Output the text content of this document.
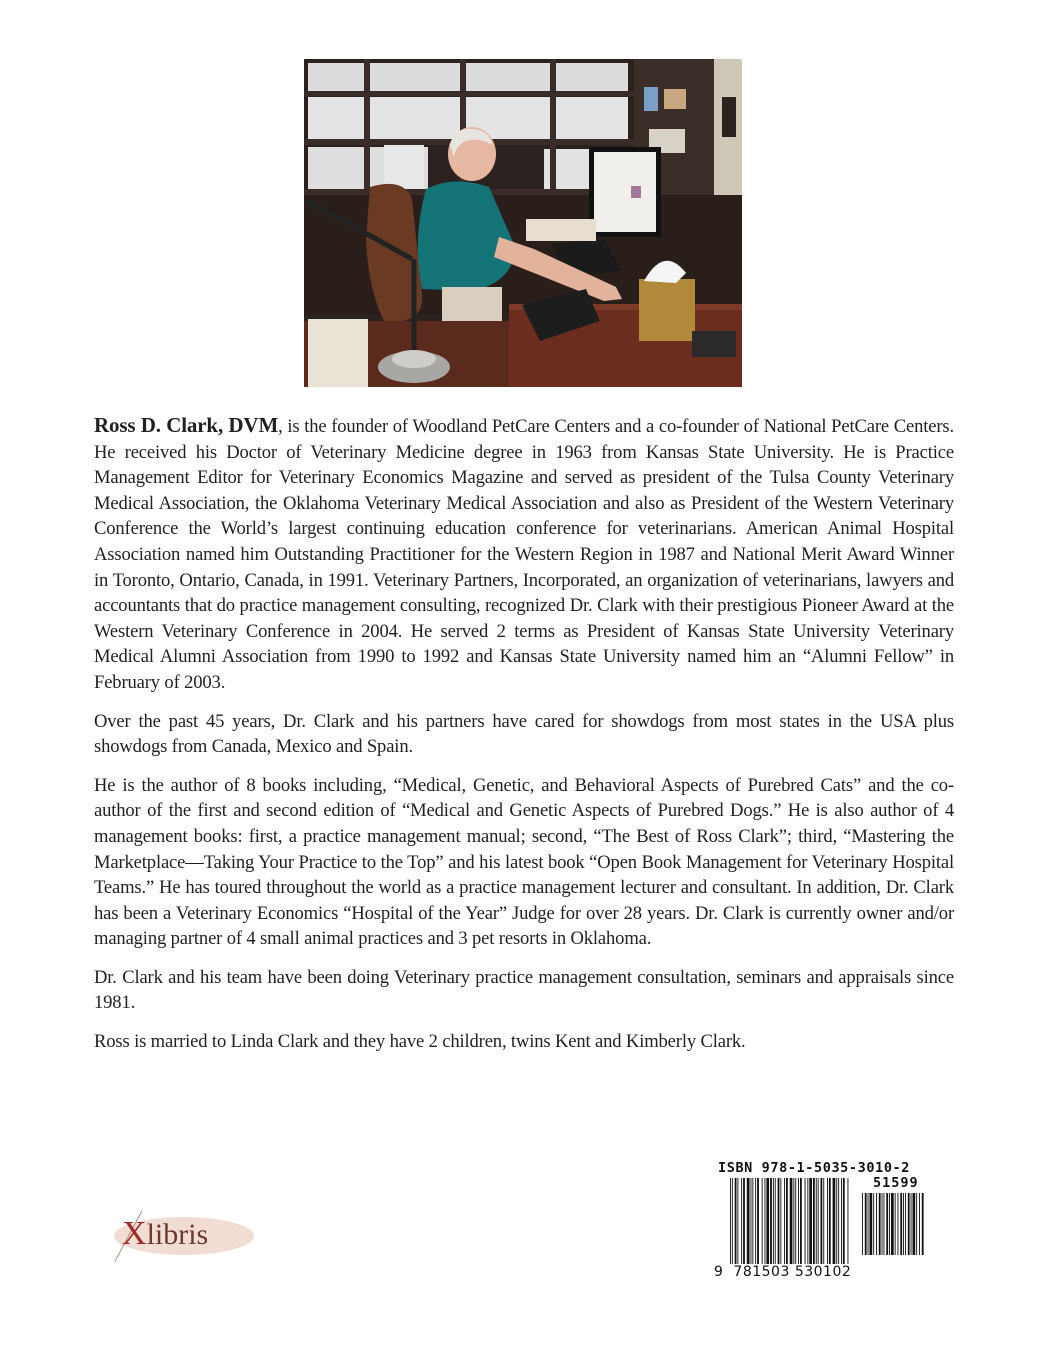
Ross D. Clark, DVM, is the founder of Woodland PetCare Centers and a co-founder of National PetCare Centers. He received his Doctor of Veterinary Medicine degree in 1963 from Kansas State University. He is Practice Management Editor for Veterinary Economics Magazine and served as president of the Tulsa County Veterinary Medical Association, the Oklahoma Veterinary Medical Association and also as President of the Western Veterinary Conference the World’s largest continuing education conference for veterinarians. American Animal Hospital Association named him Outstanding Practitioner for the Western Region in 1987 and National Merit Award Winner in Toronto, Ontario, Canada, in 1991. Veterinary Partners, Incorporated, an organization of veterinarians, lawyers and accountants that do practice management consulting, recognized Dr. Clark with their prestigious Pioneer Award at the Western Veterinary Conference in 2004. He served 2 terms as President of Kansas State University Veterinary Medical Alumni Association from 1990 to 1992 and Kansas State University named him an “Alumni Fellow” in February of 2003.

Over the past 45 years, Dr. Clark and his partners have cared for showdogs from most states in the USA plus showdogs from Canada, Mexico and Spain.

He is the author of 8 books including, “Medical, Genetic, and Behavioral Aspects of Purebred Cats” and the co-author of the first and second edition of “Medical and Genetic Aspects of Purebred Dogs.” He is also author of 4 management books: first, a practice management manual; second, “The Best of Ross Clark”; third, “Mastering the Marketplace—Taking Your Practice to the Top” and his latest book “Open Book Management for Veterinary Hospital Teams.” He has toured throughout the world as a practice management lecturer and consultant. In addition, Dr. Clark has been a Veterinary Economics “Hospital of the Year” Judge for over 28 years. Dr. Clark is currently owner and/or managing partner of 4 small animal practices and 3 pet resorts in Oklahoma.

Dr. Clark and his team have been doing Veterinary practice management consultation, seminars and appraisals since 1981.

Ross is married to Linda Clark and they have 2 children, twins Kent and Kimberly Clark.

Xlibris
ISBN 978-1-5035-3010-2
51599
9 781503 530102
